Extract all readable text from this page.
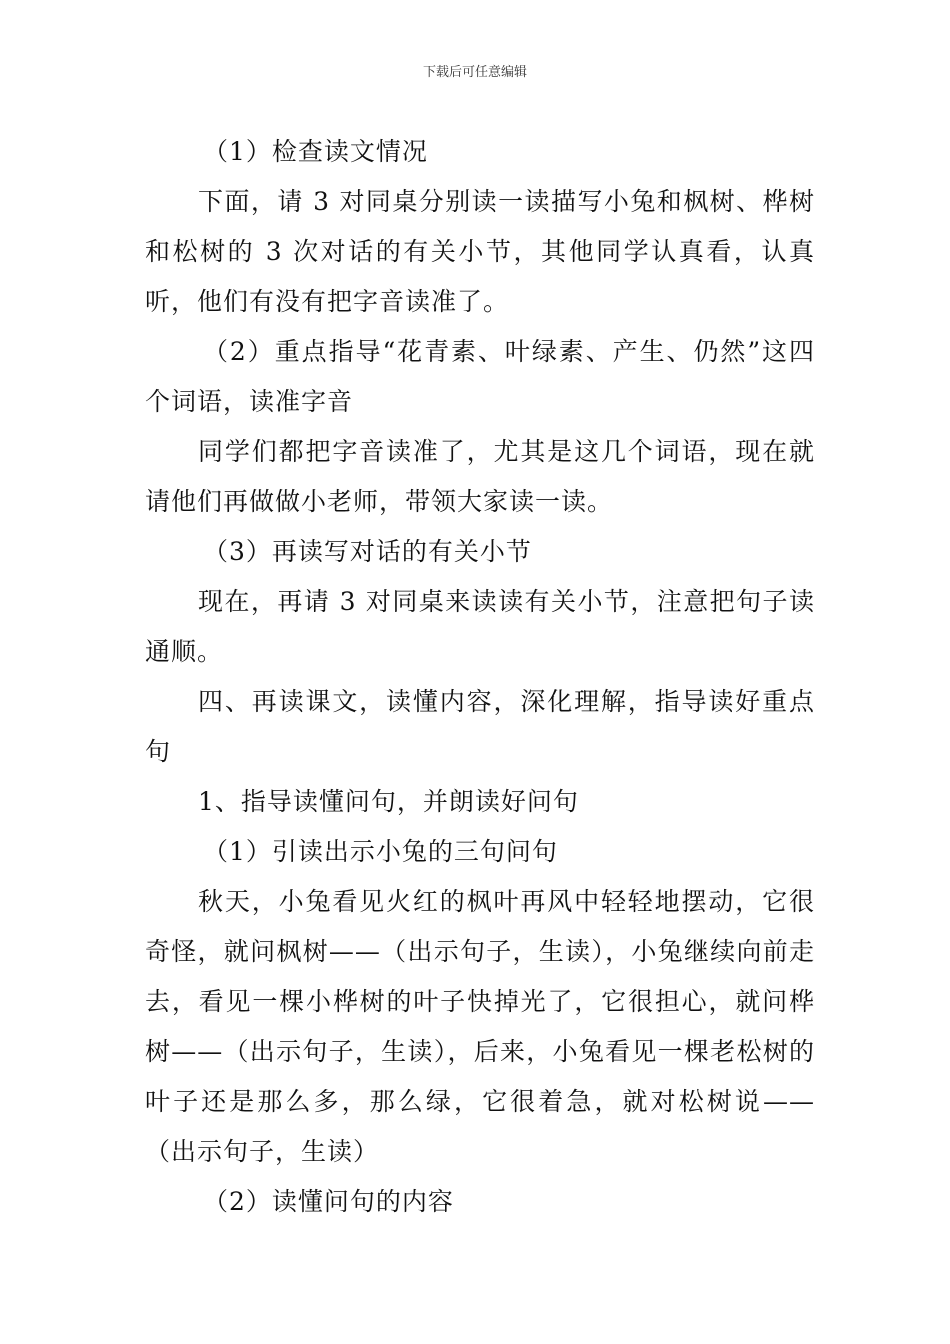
下载后可任意编辑

（1）检查读文情况

下面，请 3 对同桌分别读一读描写小兔和枫树、桦树和松树的 3 次对话的有关小节，其他同学认真看，认真听，他们有没有把字音读准了。

（2）重点指导“花青素、叶绿素、产生、仍然”这四个词语，读准字音

同学们都把字音读准了，尤其是这几个词语，现在就请他们再做做小老师，带领大家读一读。

（3）再读写对话的有关小节

现在，再请 3 对同桌来读读有关小节，注意把句子读通顺。

四、再读课文，读懂内容，深化理解，指导读好重点句

1、指导读懂问句，并朗读好问句

（1）引读出示小兔的三句问句

秋天，小兔看见火红的枫叶再风中轻轻地摆动，它很奇怪，就问枫树——（出示句子，生读），小兔继续向前走去，看见一棵小桦树的叶子快掉光了，它很担心，就问桦树——（出示句子，生读），后来，小兔看见一棵老松树的叶子还是那么多，那么绿，它很着急，就对松树说——（出示句子，生读）

（2）读懂问句的内容
